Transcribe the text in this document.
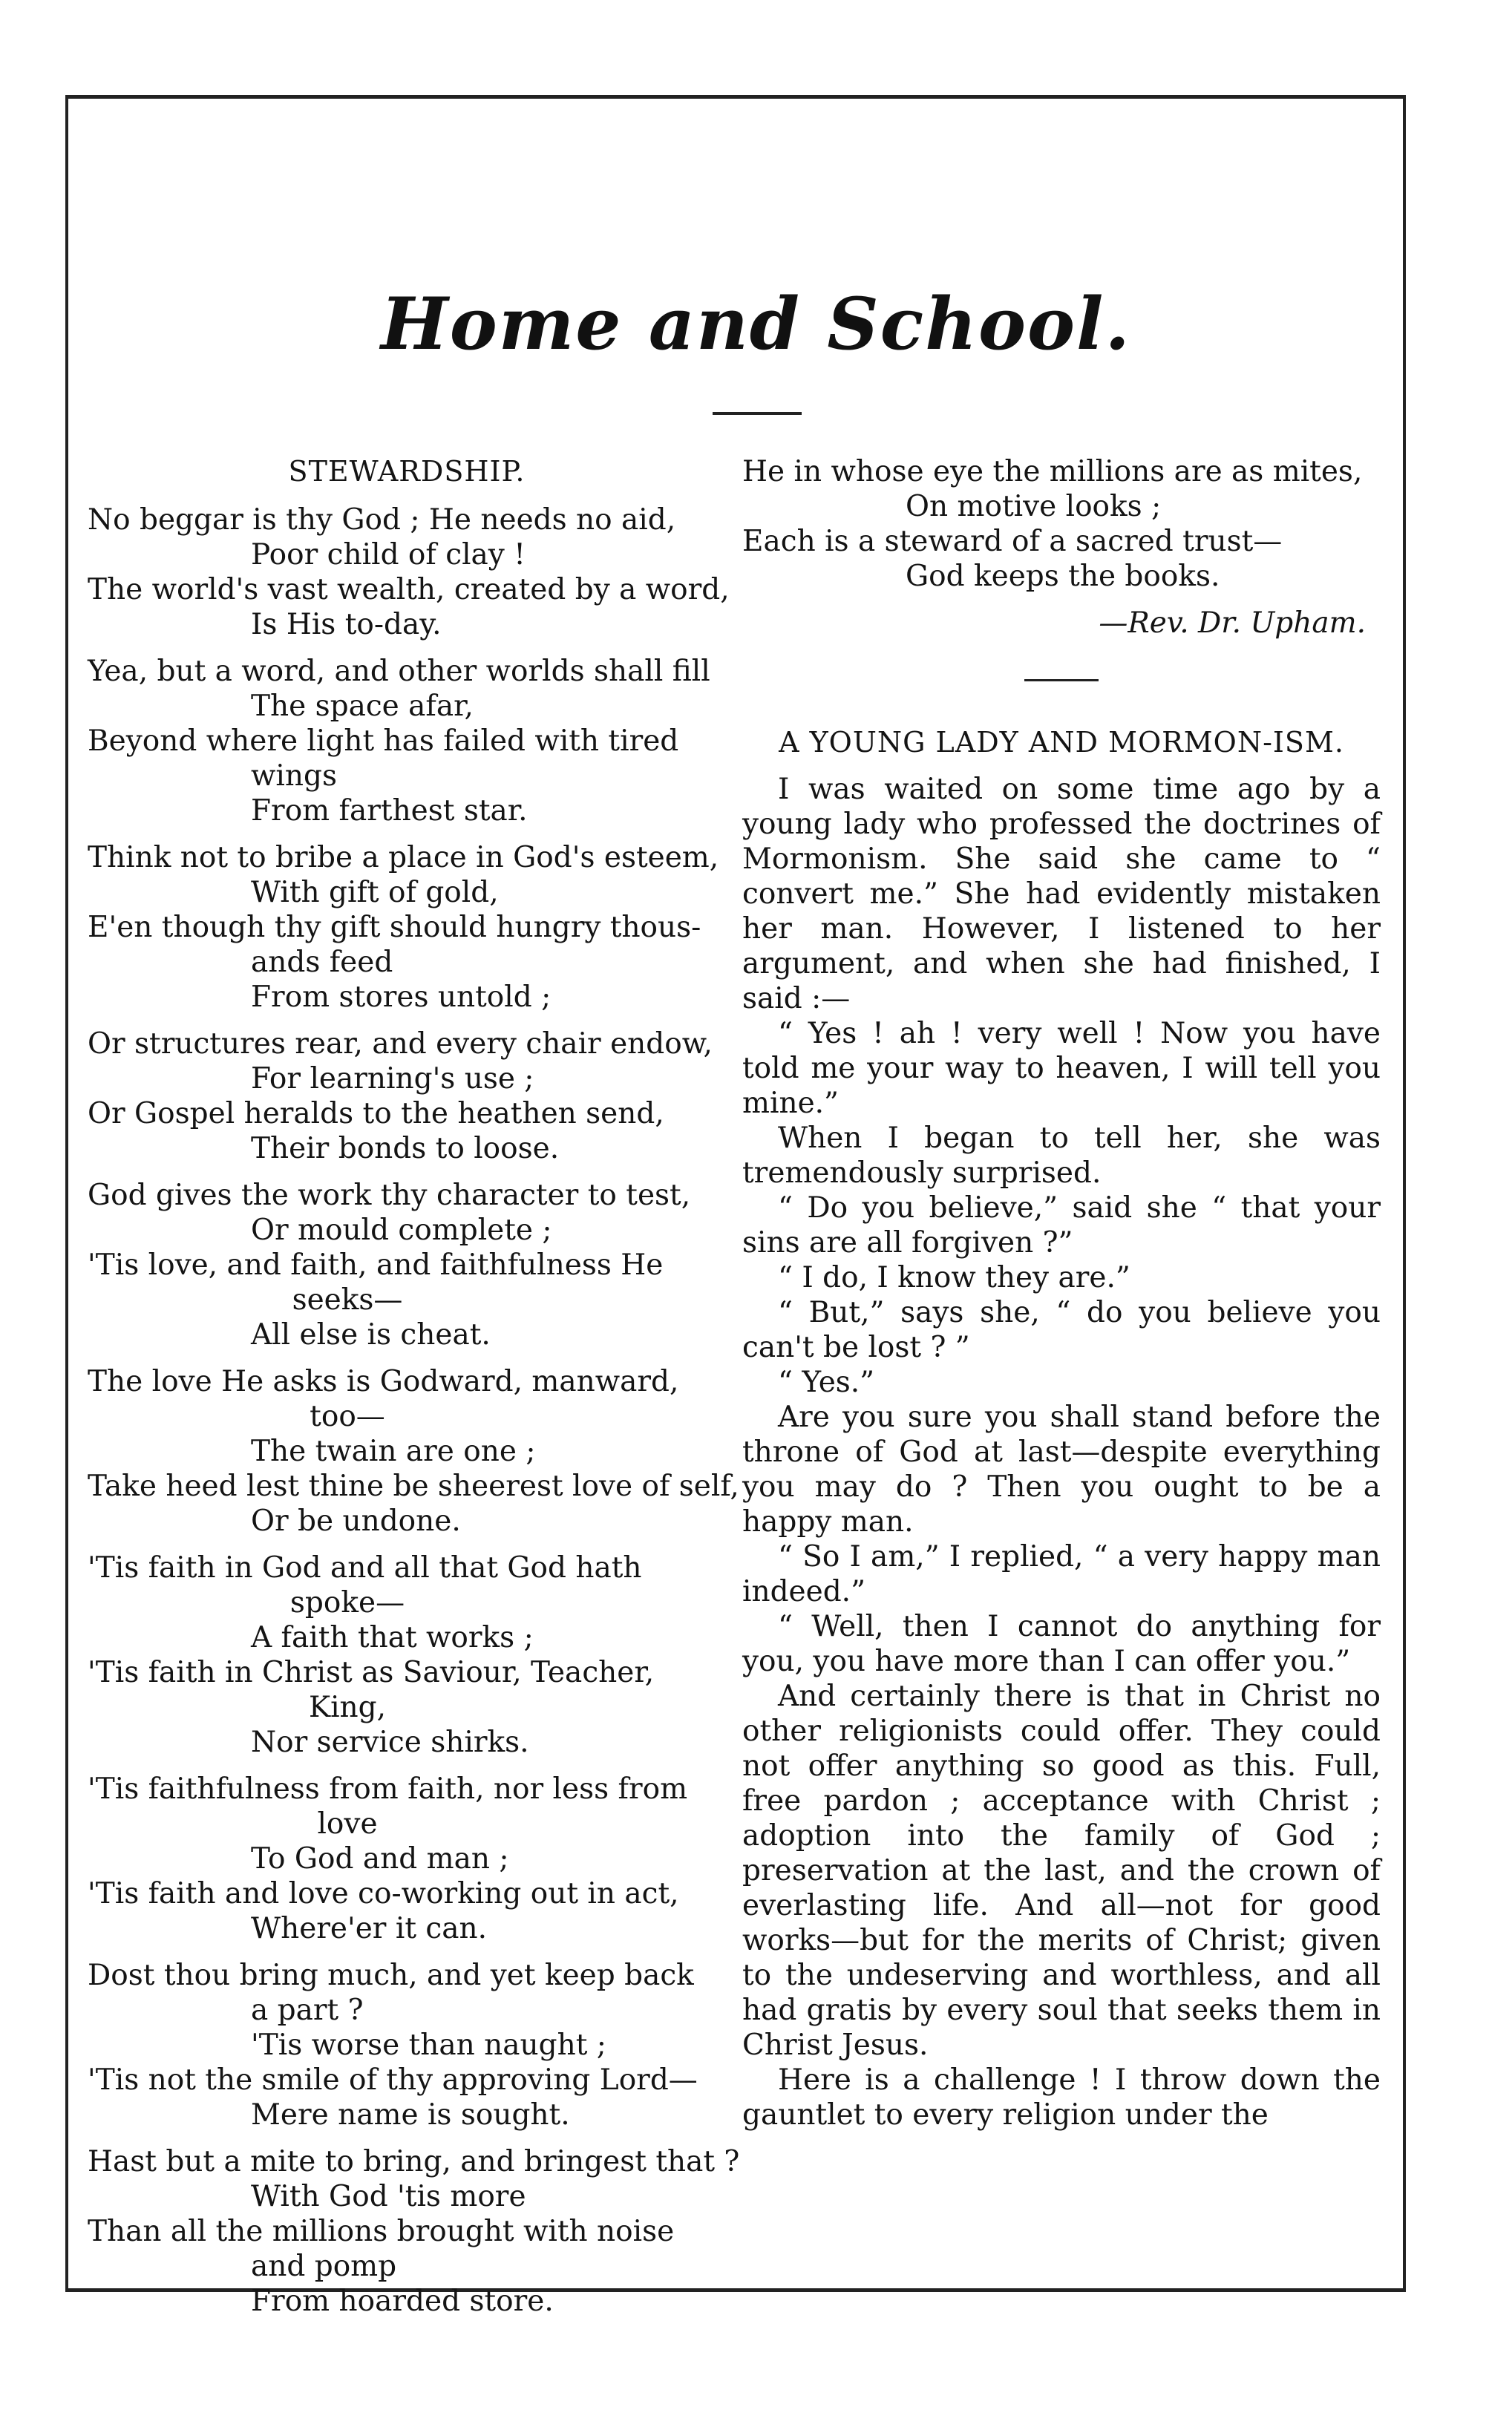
Home and School.
STEWARDSHIP.
No beggar is thy God ; He needs no aid,
Poor child of clay !
The world's vast wealth, created by a word,
Is His to-day.
Yea, but a word, and other worlds shall fill
The space afar,
Beyond where light has failed with tired
wings
From farthest star.
Think not to bribe a place in God's esteem,
With gift of gold,
E'en though thy gift should hungry thous-
ands feed
From stores untold ;
Or structures rear, and every chair endow,
For learning's use ;
Or Gospel heralds to the heathen send,
Their bonds to loose.
God gives the work thy character to test,
Or mould complete ;
'Tis love, and faith, and faithfulness He
seeks—
All else is cheat.
The love He asks is Godward, manward,
too—
The twain are one ;
Take heed lest thine be sheerest love of self,
Or be undone.
'Tis faith in God and all that God hath
spoke—
A faith that works ;
'Tis faith in Christ as Saviour, Teacher,
King,
Nor service shirks.
'Tis faithfulness from faith, nor less from
love
To God and man ;
'Tis faith and love co-working out in act,
Where'er it can.
Dost thou bring much, and yet keep back
a part ?
'Tis worse than naught ;
'Tis not the smile of thy approving Lord—
Mere name is sought.
Hast but a mite to bring, and bringest that ?
With God 'tis more
Than all the millions brought with noise
and pomp
From hoarded store.
He in whose eye the millions are as mites,
On motive looks ;
Each is a steward of a sacred trust—
God keeps the books.
—Rev. Dr. Upham.
A YOUNG LADY AND MORMON-ISM.

I was waited on some time ago by a young lady who professed the doctrines of Mormonism. She said she came to “ convert me.” She had evidently mistaken her man. However, I listened to her argument, and when she had finished, I said :—

“ Yes ! ah ! very well ! Now you have told me your way to heaven, I will tell you mine.”

When I began to tell her, she was tremendously surprised.

“ Do you believe,” said she “ that your sins are all forgiven ?”

“ I do, I know they are.”

“ But,” says she, “ do you believe you can't be lost ? ”

“ Yes.”

Are you sure you shall stand before the throne of God at last—despite everything you may do ? Then you ought to be a happy man.

“ So I am,” I replied, “ a very happy man indeed.”

“ Well, then I cannot do anything for you, you have more than I can offer you.”

And certainly there is that in Christ no other religionists could offer. They could not offer anything so good as this. Full, free pardon ; acceptance with Christ ; adoption into the family of God ; preservation at the last, and the crown of everlasting life. And all—not for good works—but for the merits of Christ; given to the undeserving and worthless, and all had gratis by every soul that seeks them in Christ Jesus.

Here is a challenge ! I throw down the gauntlet to every religion under the
